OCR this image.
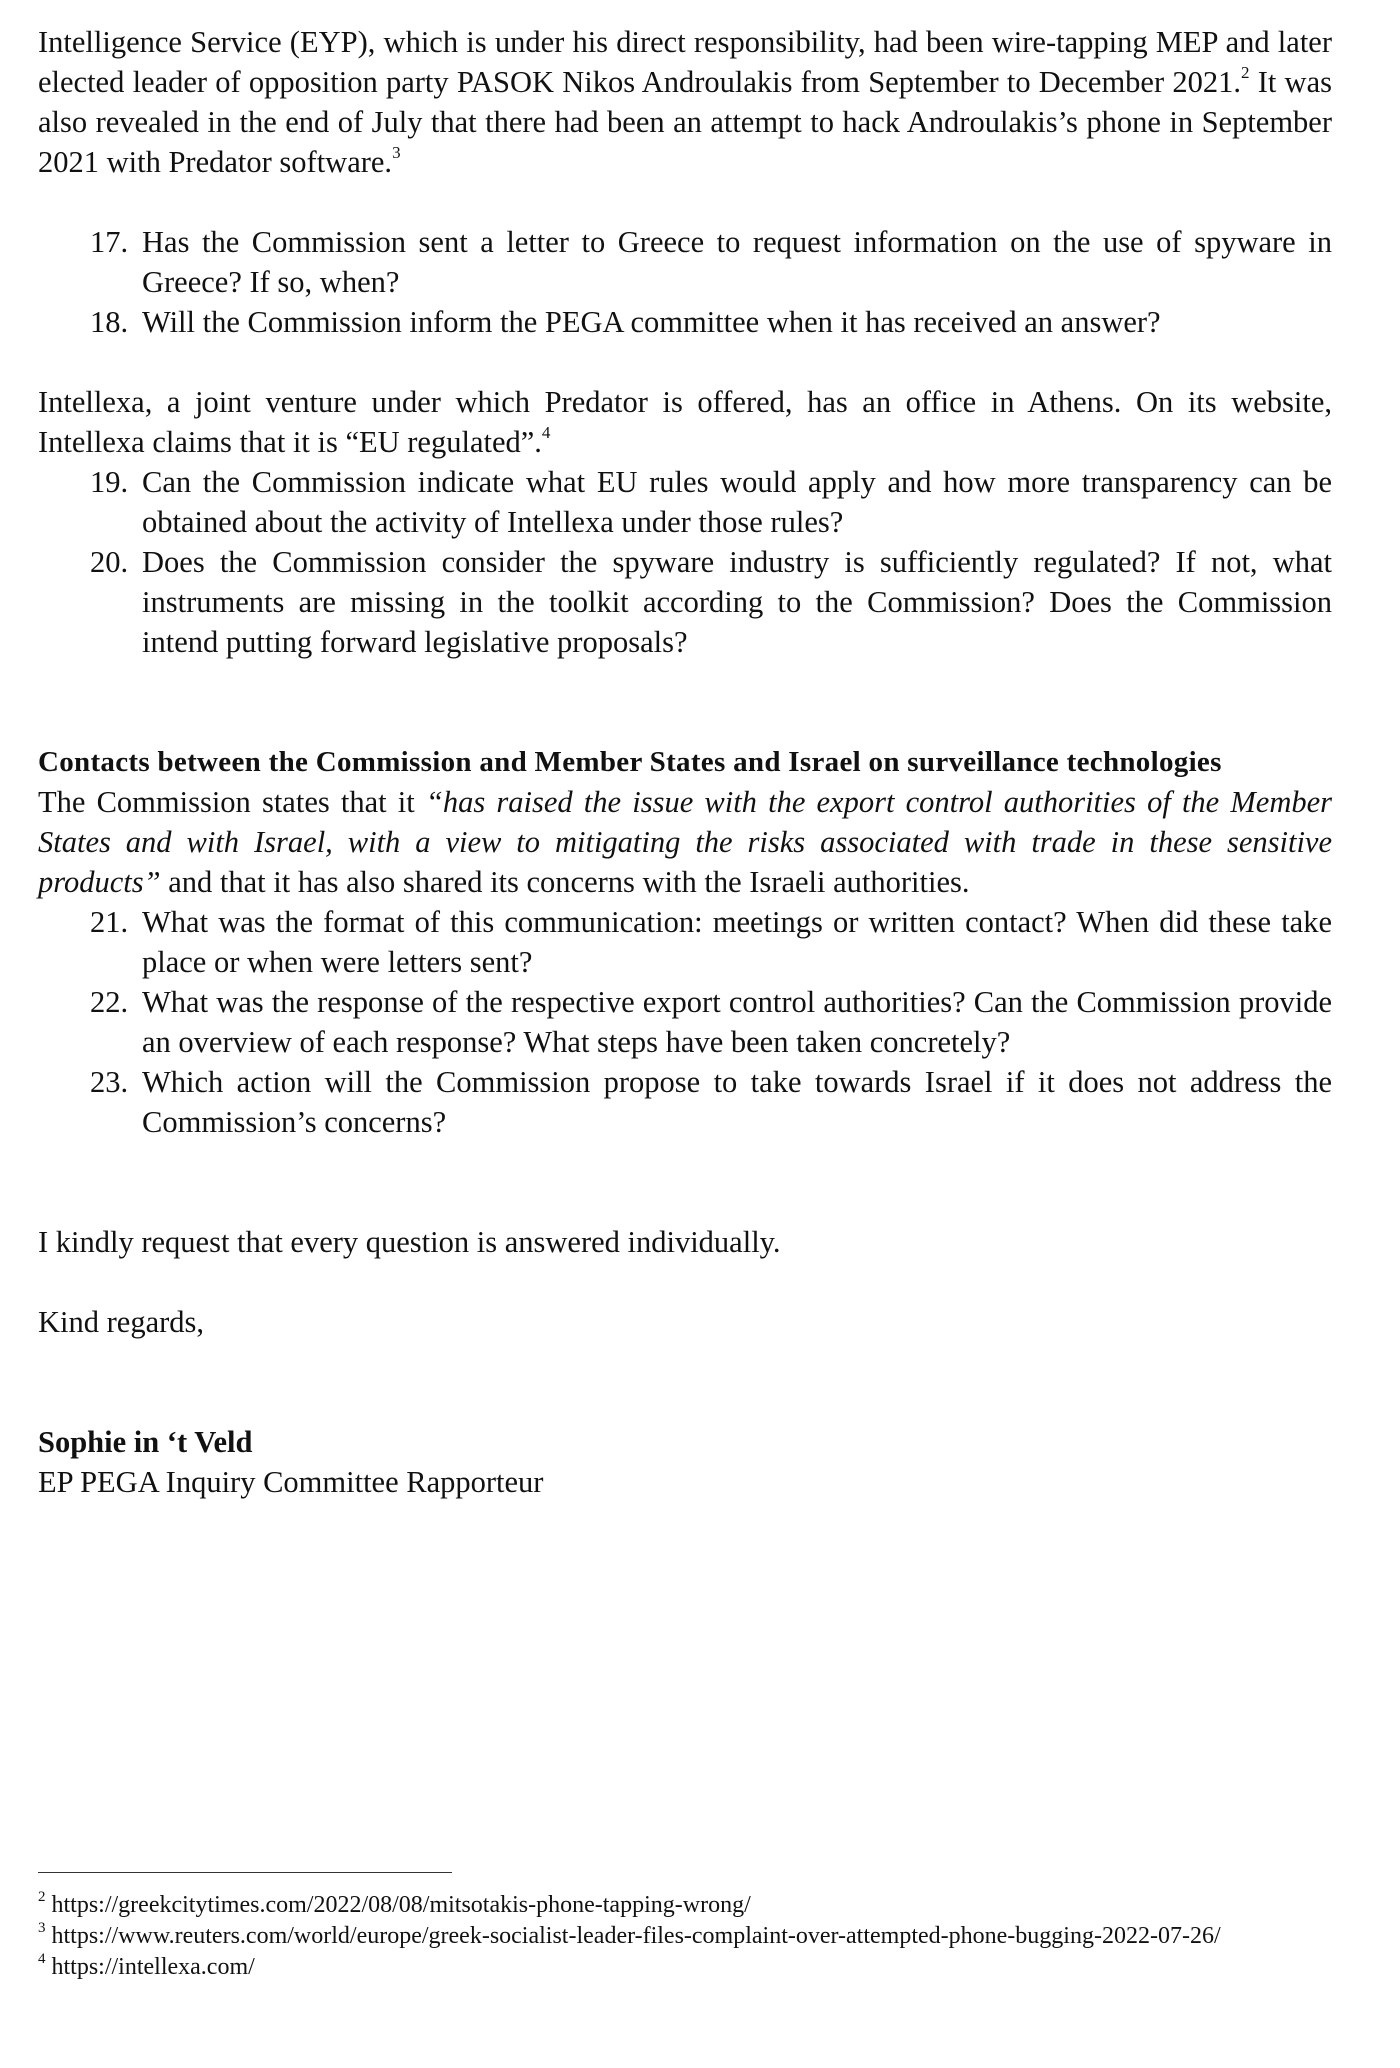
Intelligence Service (EYP), which is under his direct responsibility, had been wire-tapping MEP and later elected leader of opposition party PASOK Nikos Androulakis from September to December 2021.$^2$ It was also revealed in the end of July that there had been an attempt to hack Androulakis’s phone in September 2021 with Predator software.$^3$

17. Has the Commission sent a letter to Greece to request information on the use of spyware in Greece? If so, when?
18. Will the Commission inform the PEGA committee when it has received an answer?

Intellexa, a joint venture under which Predator is offered, has an office in Athens. On its website, Intellexa claims that it is “EU regulated”.$^4$

19. Can the Commission indicate what EU rules would apply and how more transparency can be obtained about the activity of Intellexa under those rules?
20. Does the Commission consider the spyware industry is sufficiently regulated? If not, what instruments are missing in the toolkit according to the Commission? Does the Commission intend putting forward legislative proposals?
Contacts between the Commission and Member States and Israel on surveillance technologies

The Commission states that it “has raised the issue with the export control authorities of the Member States and with Israel, with a view to mitigating the risks associated with trade in these sensitive products” and that it has also shared its concerns with the Israeli authorities.

21. What was the format of this communication: meetings or written contact? When did these take place or when were letters sent?
22. What was the response of the respective export control authorities? Can the Commission provide an overview of each response? What steps have been taken concretely?
23. Which action will the Commission propose to take towards Israel if it does not address the Commission’s concerns?

I kindly request that every question is answered individually.

Kind regards,

Sophie in ‘t Veld
EP PEGA Inquiry Committee Rapporteur
$^2$ https://greekcitytimes.com/2022/08/08/mitsotakis-phone-tapping-wrong/
$^3$ https://www.reuters.com/world/europe/greek-socialist-leader-files-complaint-over-attempted-phone-bugging-2022-07-26/
$^4$ https://intellexa.com/
